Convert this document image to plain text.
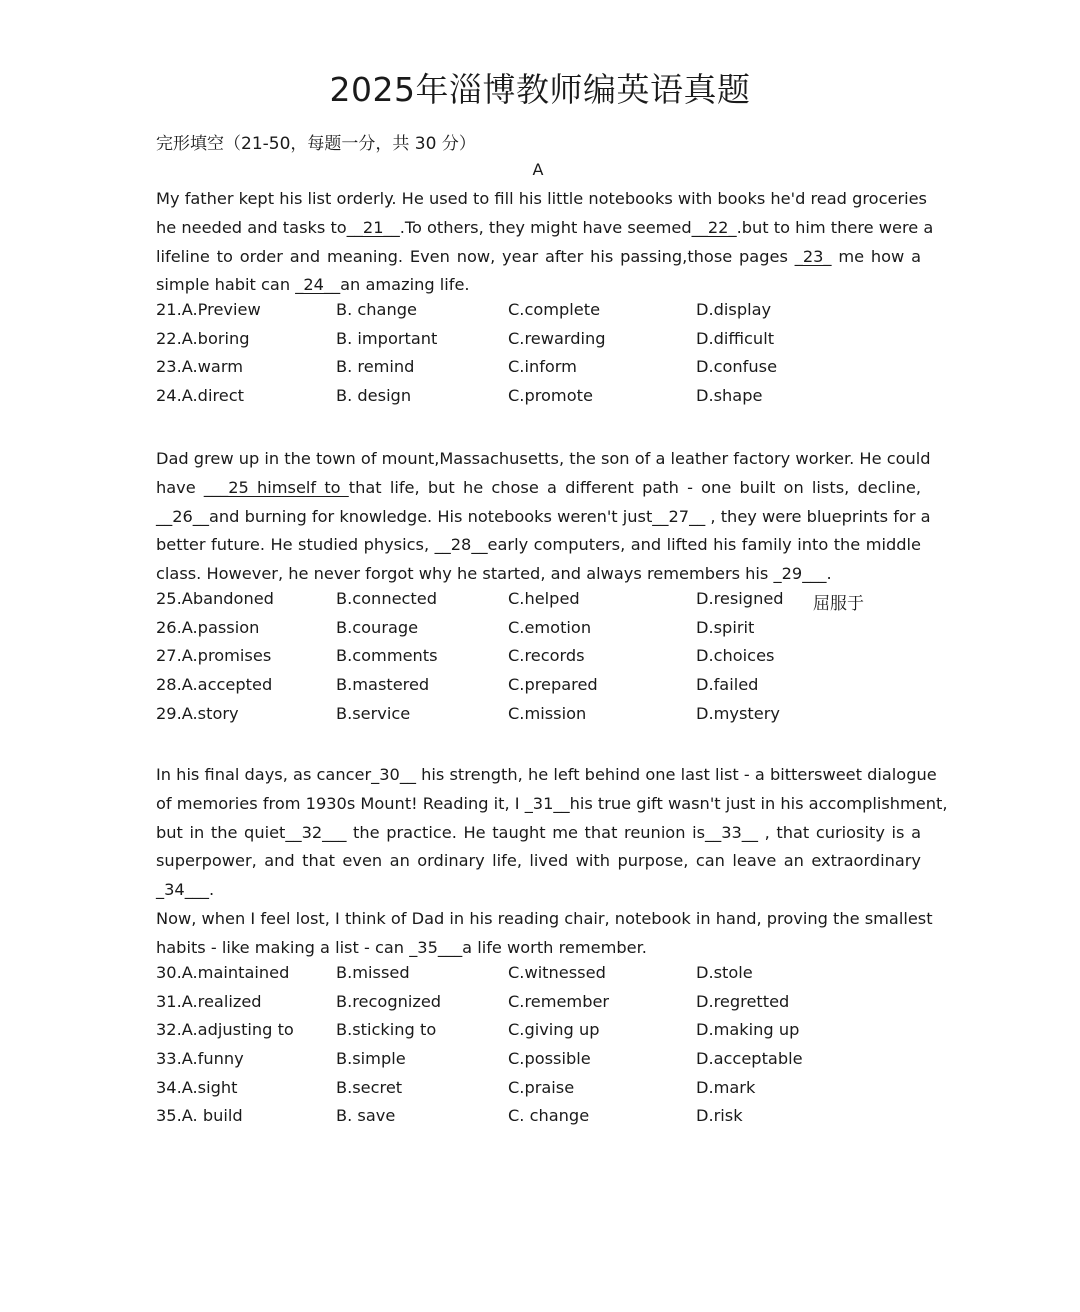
2025年淄博教师编英语真题
完形填空（21-50，每题一分，共 30 分）
A
My father kept his list orderly. He used to fill his little notebooks with books he'd read groceries
he needed and tasks to__21__.To others, they might have seemed__22_.but to him there were a
lifeline to order and meaning. Even now, year after his passing,those pages _23_ me how a
simple habit can _24__an amazing life.
21.A.Preview	B. change	C.complete	D.display
22.A.boring	B. important	C.rewarding	D.difficult
23.A.warm	B. remind	C.inform	D.confuse
24.A.direct	B. design	C.promote	D.shape
Dad grew up in the town of mount,Massachusetts, the son of a leather factory worker. He could
have ___25 himself to that life, but he chose a different path - one built on lists, decline,
__26__and burning for knowledge. His notebooks weren't just__27__ , they were blueprints for a
better future. He studied physics, __28__early computers, and lifted his family into the middle
class. However, he never forgot why he started, and always remembers his _29___.
25.Abandoned	B.connected	C.helped	D.resigned
26.A.passion	B.courage	C.emotion	D.spirit
27.A.promises	B.comments	C.records	D.choices
28.A.accepted	B.mastered	C.prepared	D.failed
29.A.story	B.service	C.mission	D.mystery
屈服于
In his final days, as cancer_30__ his strength, he left behind one last list - a bittersweet dialogue
of memories from 1930s Mount! Reading it, I _31__his true gift wasn't just in his accomplishment,
but in the quiet__32___ the practice. He taught me that reunion is__33__ , that curiosity is a
superpower, and that even an ordinary life, lived with purpose, can leave an extraordinary
_34___.
Now, when I feel lost, I think of Dad in his reading chair, notebook in hand, proving the smallest
habits - like making a list - can _35___a life worth remember.
30.A.maintained	B.missed	C.witnessed	D.stole
31.A.realized	B.recognized	C.remember	D.regretted
32.A.adjusting to	B.sticking to	C.giving up	D.making up
33.A.funny	B.simple	C.possible	D.acceptable
34.A.sight	B.secret	C.praise	D.mark
35.A. build	B. save	C. change	D.risk
